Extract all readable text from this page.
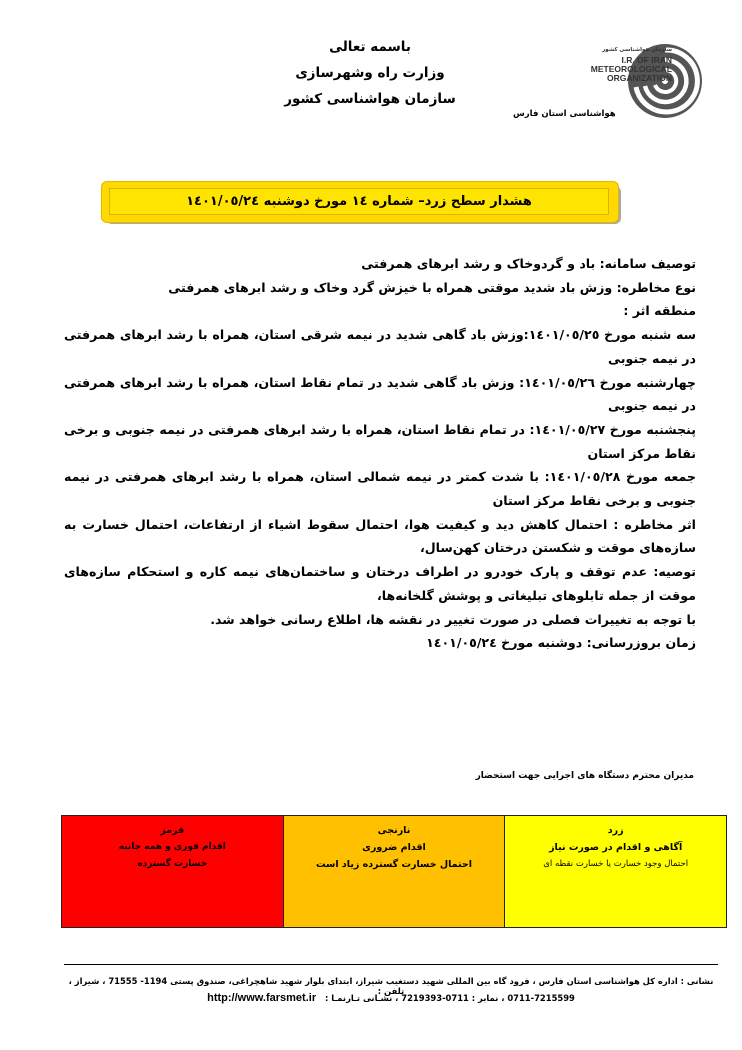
باسمه تعالی
وزارت راه وشهرسازی
سازمان هواشناسی کشور
سازمان هواشناسی کشور
I.R. OF IRAN
METEOROLOGICAL
ORGANIZATION
هواشناسی استان فارس
هشدار سطح زرد– شماره ١٤ مورخ دوشنبه ١٤٠١/٠٥/٢٤

توصیف سامانه: باد و گردوخاک و رشد ابرهای همرفتی

نوع مخاطره: وزش باد شدید موقتی همراه با خیزش گرد وخاک و رشد ابرهای همرفتی

منطقه اثر :

سه شنبه مورخ ١٤٠١/٠٥/٢٥:وزش باد گاهی شدید در نیمه شرقی استان، همراه با رشد ابرهای همرفتی در نیمه جنوبی

چهارشنبه مورخ ١٤٠١/٠٥/٢٦: وزش باد گاهی شدید در تمام نقاط استان، همراه با رشد ابرهای همرفتی در نیمه جنوبی

پنجشنبه مورخ ١٤٠١/٠٥/٢٧: در تمام نقاط استان، همراه با رشد ابرهای همرفتی در نیمه جنوبی و برخی نقاط مرکز استان

جمعه مورخ ١٤٠١/٠٥/٢٨: با شدت کمتر در نیمه شمالی استان، همراه با رشد ابرهای همرفتی در نیمه جنوبی و برخی نقاط مرکز استان

اثر مخاطره : احتمال کاهش دید و کیفیت هوا، احتمال سقوط اشیاء از ارتفاعات، احتمال خسارت به سازه‌های موقت و شکستن درختان کهن‌سال،

توصیه: عدم توقف و پارک خودرو در اطراف درختان و ساختمان‌های نیمه کاره و استحکام سازه‌های موقت از جمله تابلوهای تبلیغاتی و پوشش گلخانه‌ها،

با توجه به تغییرات فصلی در صورت تغییر در نقشه ها، اطلاع رسانی خواهد شد.

زمان بروزرسانی: دوشنبه مورخ ١٤٠١/٠٥/٢٤

مدیران محترم دستگاه های اجرایی جهت استحضار
زرد
آگاهی و اقدام در صورت نیاز
احتمال وجود خسارت یا خسارت نقطه ای
نارنجی
اقدام ضروری
احتمال خسارت گسترده زیاد است
قرمز
اقدام فوری و همه جانبه
خسارت گسترده
نشانی : اداره کل هواشناسی استان فارس ، فرود گاه بین المللی شهید دستغیب شیراز، ابتدای بلوار شهید شاهچراغی، صندوق پستی 1194- 71555 ، شیراز ، تلفن :
0711-7215599 ، نمابر : 0711-7219393 ، نشـانی تـارنمـا : http://www.farsmet.ir
